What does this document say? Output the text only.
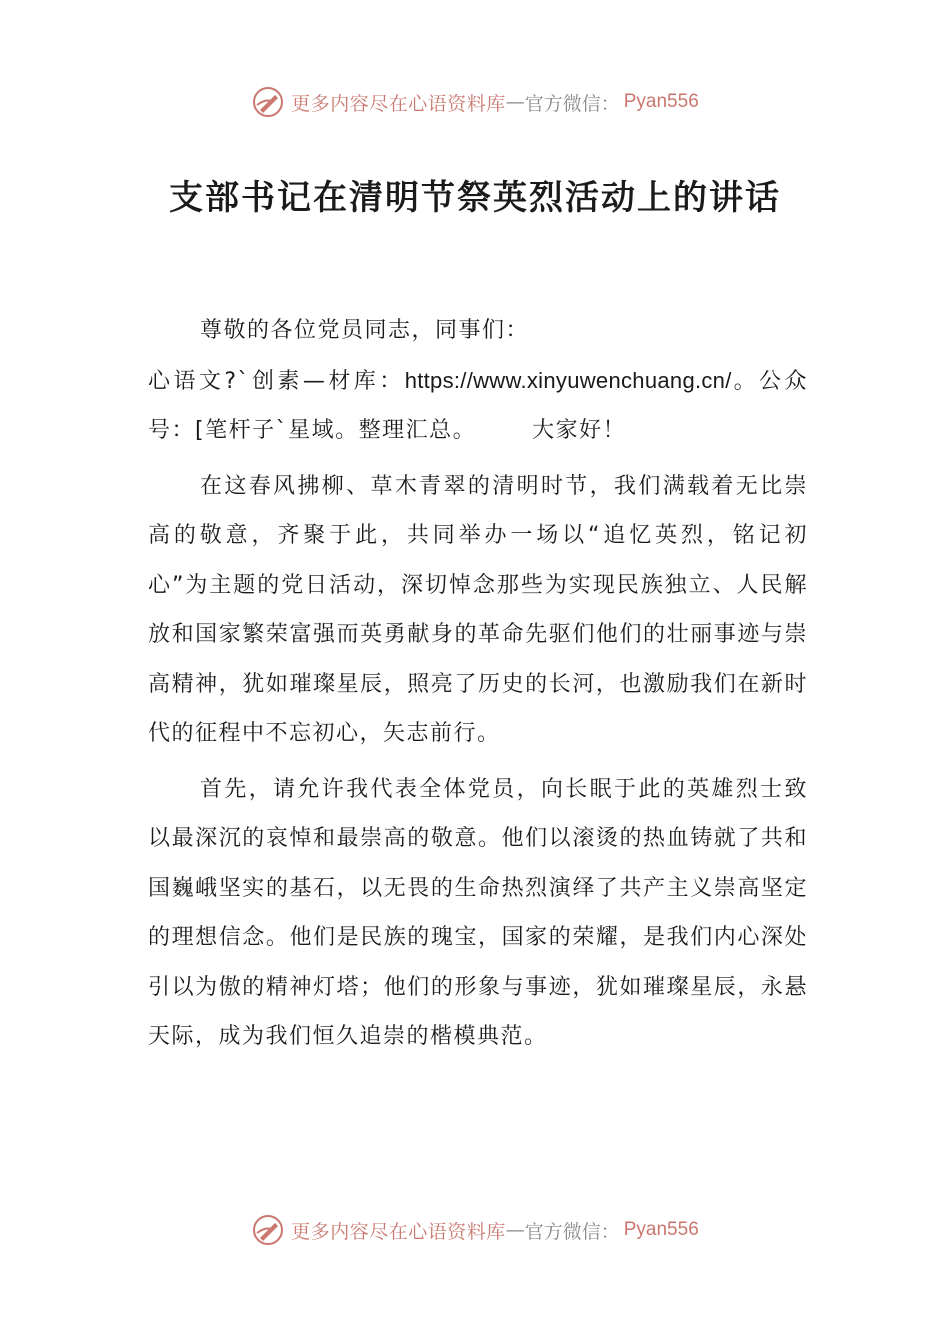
更多内容尽在心语资料库 — 官方微信： Pyan556
支部书记在清明节祭英烈活动上的讲话

尊敬的各位党员同志，同事们：

心语文?`创素—材库：https://www.xinyuwenchuang.cn/。公众号：[笔杆子`星域。整理汇总。	大家好！

在这春风拂柳、草木青翠的清明时节，我们满载着无比崇高的敬意，齐聚于此，共同举办一场以“追忆英烈，铭记初心”为主题的党日活动，深切悼念那些为实现民族独立、人民解放和国家繁荣富强而英勇献身的革命先驱们他们的壮丽事迹与崇高精神，犹如璀璨星辰，照亮了历史的长河，也激励我们在新时代的征程中不忘初心，矢志前行。

首先，请允许我代表全体党员，向长眠于此的英雄烈士致以最深沉的哀悼和最崇高的敬意。他们以滚烫的热血铸就了共和国巍峨坚实的基石，以无畏的生命热烈演绎了共产主义崇高坚定的理想信念。他们是民族的瑰宝，国家的荣耀，是我们内心深处引以为傲的精神灯塔；他们的形象与事迹，犹如璀璨星辰，永悬天际，成为我们恒久追崇的楷模典范。

更多内容尽在心语资料库 — 官方微信： Pyan556
